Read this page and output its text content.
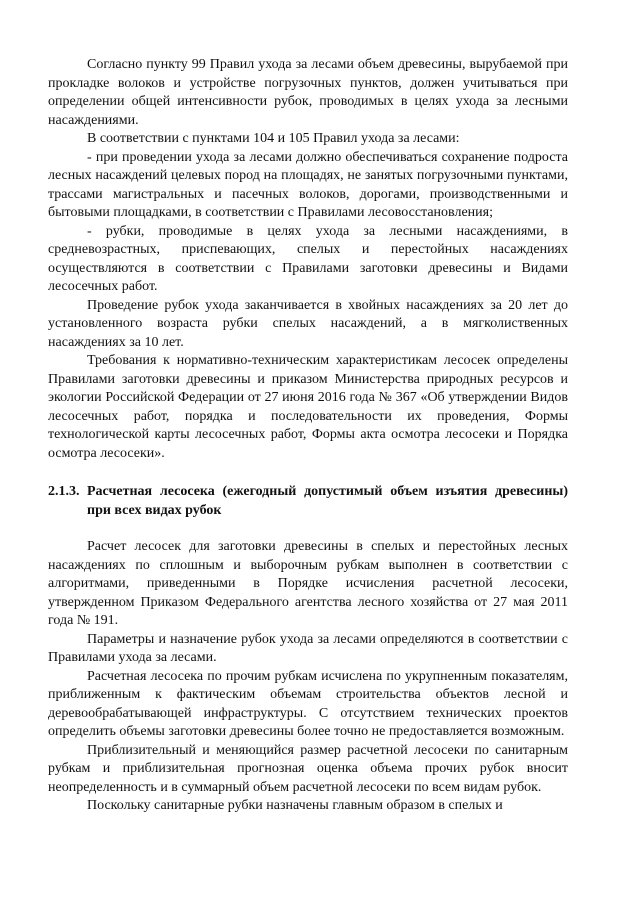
Согласно пункту 99 Правил ухода за лесами объем древесины, вырубаемой при прокладке волоков и устройстве погрузочных пунктов, должен учитываться при определении общей интенсивности рубок, проводимых в целях ухода за лесными насаждениями.

В соответствии с пунктами 104 и 105 Правил ухода за лесами:

- при проведении ухода за лесами должно обеспечиваться сохранение подроста лесных насаждений целевых пород на площадях, не занятых погрузочными пунктами, трассами магистральных и пасечных волоков, дорогами, производственными и бытовыми площадками, в соответствии с Правилами лесовосстановления;

- рубки, проводимые в целях ухода за лесными насаждениями, в средневозрастных, приспевающих, спелых и перестойных насаждениях осуществляются в соответствии с Правилами заготовки древесины и Видами лесосечных работ.

Проведение рубок ухода заканчивается в хвойных насаждениях за 20 лет до установленного возраста рубки спелых насаждений, а в мягколиственных насаждениях за 10 лет.

Требования к нормативно-техническим характеристикам лесосек определены Правилами заготовки древесины и приказом Министерства природных ресурсов и экологии Российской Федерации от 27 июня 2016 года № 367 «Об утверждении Видов лесосечных работ, порядка и последовательности их проведения, Формы технологической карты лесосечных работ, Формы акта осмотра лесосеки и Порядка осмотра лесосеки».

2.1.3. Расчетная лесосека (ежегодный допустимый объем изъятия древесины) при всех видах рубок

Расчет лесосек для заготовки древесины в спелых и перестойных лесных насаждениях по сплошным и выборочным рубкам выполнен в соответствии с алгоритмами, приведенными в Порядке исчисления расчетной лесосеки, утвержденном Приказом Федерального агентства лесного хозяйства от 27 мая 2011 года № 191.

Параметры и назначение рубок ухода за лесами определяются в соответствии с Правилами ухода за лесами.

Расчетная лесосека по прочим рубкам исчислена по укрупненным показателям, приближенным к фактическим объемам строительства объектов лесной и деревообрабатывающей инфраструктуры. С отсутствием технических проектов определить объемы заготовки древесины более точно не предоставляется возможным.

Приблизительный и меняющийся размер расчетной лесосеки по санитарным рубкам и приблизительная прогнозная оценка объема прочих рубок вносит неопределенность и в суммарный объем расчетной лесосеки по всем видам рубок.

Поскольку санитарные рубки назначены главным образом в спелых и
